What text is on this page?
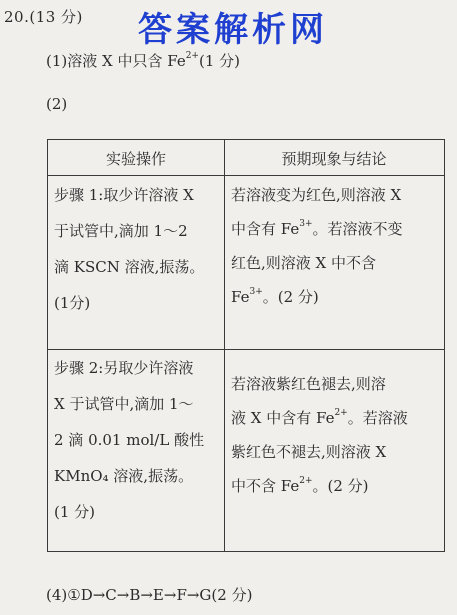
20.(13 分) 答案解析网
(1)溶液 X 中只含 $Fe^{2+}(1$ 分)
(2)
实验操作	预期现象与结论
步骤 1:取少许溶液 X
于试管中,滴加 1～2
滴 KSCN 溶液,振荡。
(1分)
若溶液变为红色,则溶液 X
中含有 $Fe^{3+}$。若溶液不变
红色,则溶液 X 中不含
$Fe^{3+}$。(2 分)
步骤 2:另取少许溶液
X 于试管中,滴加 1～
2 滴 0.01 mol/L 酸性
KMnO₄ 溶液,振荡。
(1 分)
若溶液紫红色褪去,则溶
液 X 中含有 $Fe^{2+}$。若溶液
紫红色不褪去,则溶液 X
中不含 $Fe^{2+}$。(2 分)
(4)①D→C→B→E→F→G(2 分)
